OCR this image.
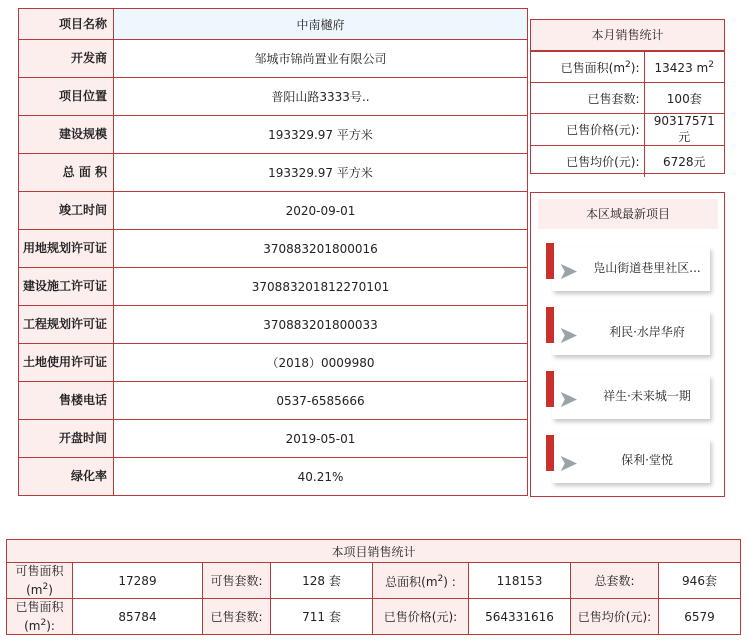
项目名称	中南樾府
开发商	邹城市锦尚置业有限公司
项目位置	普阳山路3333号..
建设规模	193329.97 平方米
总 面 积	193329.97 平方米
竣工时间	2020-09-01
用地规划许可证	370883201800016
建设施工许可证	370883201812270101
工程规划许可证	370883201800033
土地使用许可证	（2018）0009980
售楼电话	0537-6585666
开盘时间	2019-05-01
绿化率	40.21%
本月销售统计
已售面积$(m^2)$:	13423 $m^2$
已售套数:	100套
已售价格(元):	90317571元
已售均价(元):	6728元
本区域最新项目
➤	凫山街道巷里社区...
➤	利民·水岸华府
➤	祥生·未来城一期
➤	保利·堂悦
本项目销售统计							
可售面积$(m^2)$	17289	可售套数:	128 套	总面积$(m^2)$ :	118153	总套数:	946套
已售面积$(m^2)$:	85784	已售套数:	711 套	已售价格(元):	564331616	已售均价(元):	6579
